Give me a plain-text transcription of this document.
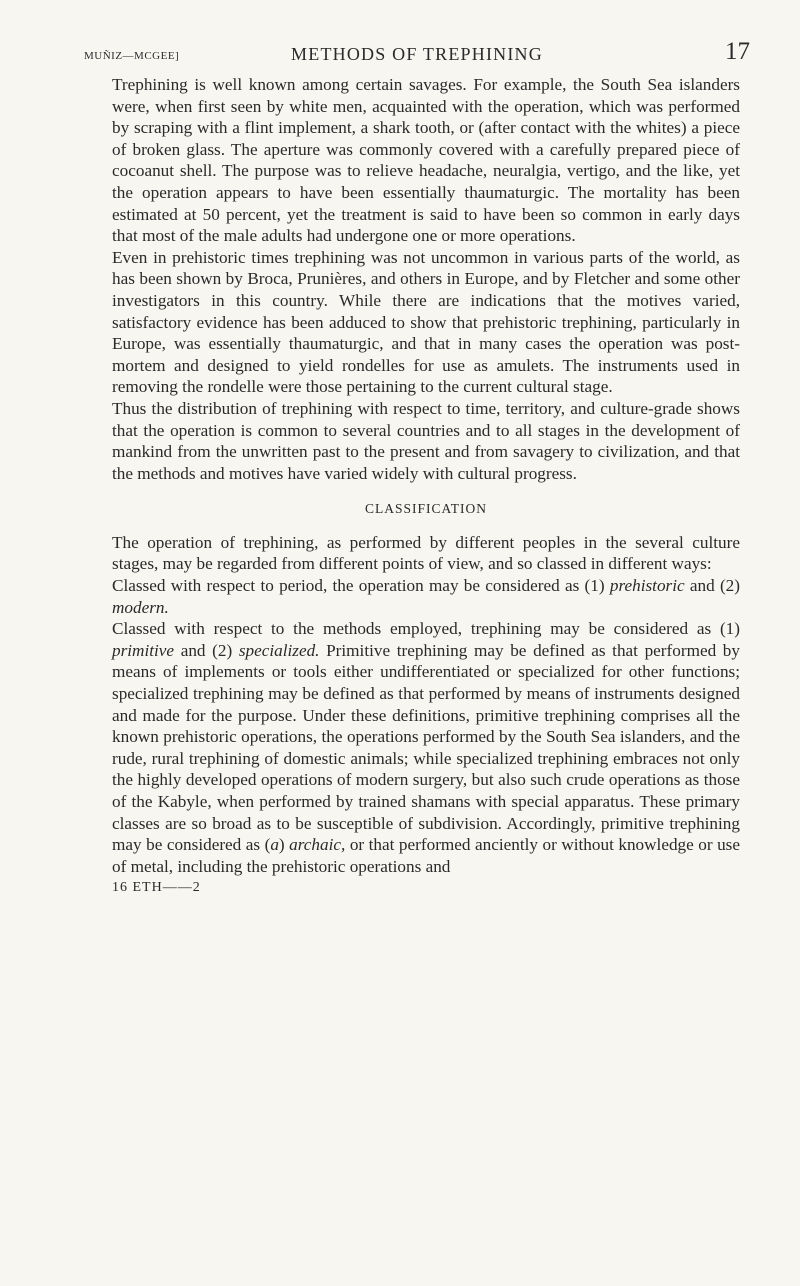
MUÑIZ—MCGEE]	METHODS OF TREPHINING	17

Trephining is well known among certain savages. For example, the South Sea islanders were, when first seen by white men, acquainted with the operation, which was performed by scraping with a flint implement, a shark tooth, or (after contact with the whites) a piece of broken glass. The aperture was commonly covered with a carefully prepared piece of cocoanut shell. The purpose was to relieve headache, neuralgia, vertigo, and the like, yet the operation appears to have been essentially thaumaturgic. The mortality has been estimated at 50 percent, yet the treatment is said to have been so common in early days that most of the male adults had undergone one or more operations.

Even in prehistoric times trephining was not uncommon in various parts of the world, as has been shown by Broca, Prunières, and others in Europe, and by Fletcher and some other investigators in this country. While there are indications that the motives varied, satisfactory evidence has been adduced to show that prehistoric trephining, particularly in Europe, was essentially thaumaturgic, and that in many cases the operation was post-mortem and designed to yield rondelles for use as amulets. The instruments used in removing the rondelle were those pertaining to the current cultural stage.

Thus the distribution of trephining with respect to time, territory, and culture-grade shows that the operation is common to several countries and to all stages in the development of mankind from the unwritten past to the present and from savagery to civilization, and that the methods and motives have varied widely with cultural progress.

CLASSIFICATION

The operation of trephining, as performed by different peoples in the several culture stages, may be regarded from different points of view, and so classed in different ways:

Classed with respect to period, the operation may be considered as (1) prehistoric and (2) modern.

Classed with respect to the methods employed, trephining may be considered as (1) primitive and (2) specialized. Primitive trephining may be defined as that performed by means of implements or tools either undifferentiated or specialized for other functions; specialized trephining may be defined as that performed by means of instruments designed and made for the purpose. Under these definitions, primitive trephining comprises all the known prehistoric operations, the operations performed by the South Sea islanders, and the rude, rural trephining of domestic animals; while specialized trephining embraces not only the highly developed operations of modern surgery, but also such crude operations as those of the Kabyle, when performed by trained shamans with special apparatus. These primary classes are so broad as to be susceptible of subdivision. Accordingly, primitive trephining may be considered as (a) archaic, or that performed anciently or without knowledge or use of metal, including the prehistoric operations and

16 ETH——2
